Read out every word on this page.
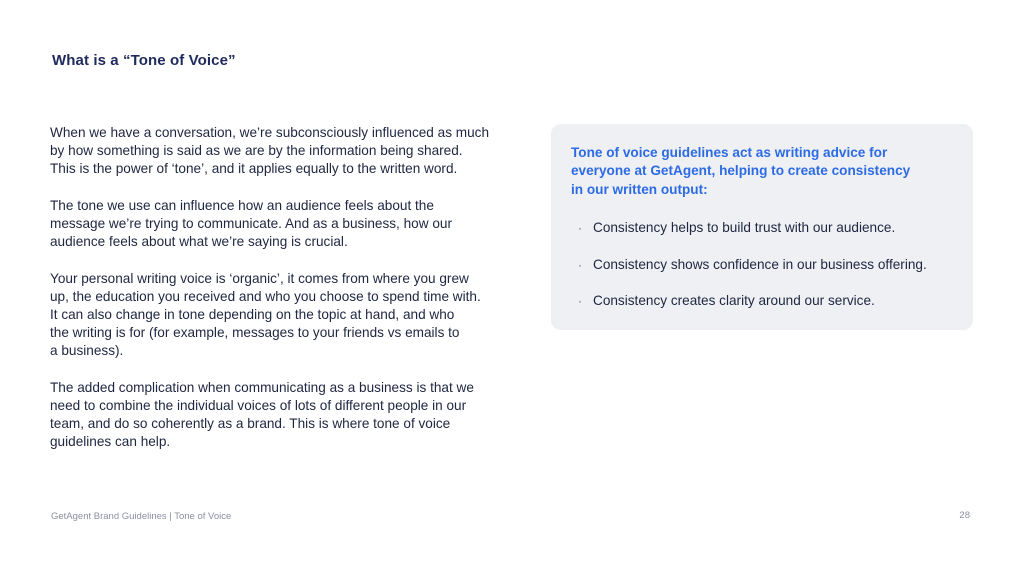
What is a “Tone of Voice”

When we have a conversation, we’re subconsciously influenced as much
by how something is said as we are by the information being shared.
This is the power of ‘tone’, and it applies equally to the written word.

The tone we use can influence how an audience feels about the
message we’re trying to communicate. And as a business, how our
audience feels about what we’re saying is crucial.

Your personal writing voice is ‘organic’, it comes from where you grew
up, the education you received and who you choose to spend time with.
It can also change in tone depending on the topic at hand, and who
the writing is for (for example, messages to your friends vs emails to
a business).

The added complication when communicating as a business is that we
need to combine the individual voices of lots of different people in our
team, and do so coherently as a brand. This is where tone of voice
guidelines can help.

Tone of voice guidelines act as writing advice for
everyone at GetAgent, helping to create consistency
in our written output:
· Consistency helps to build trust with our audience.
· Consistency shows confidence in our business offering.
· Consistency creates clarity around our service.
GetAgent Brand Guidelines | Tone of Voice	28
